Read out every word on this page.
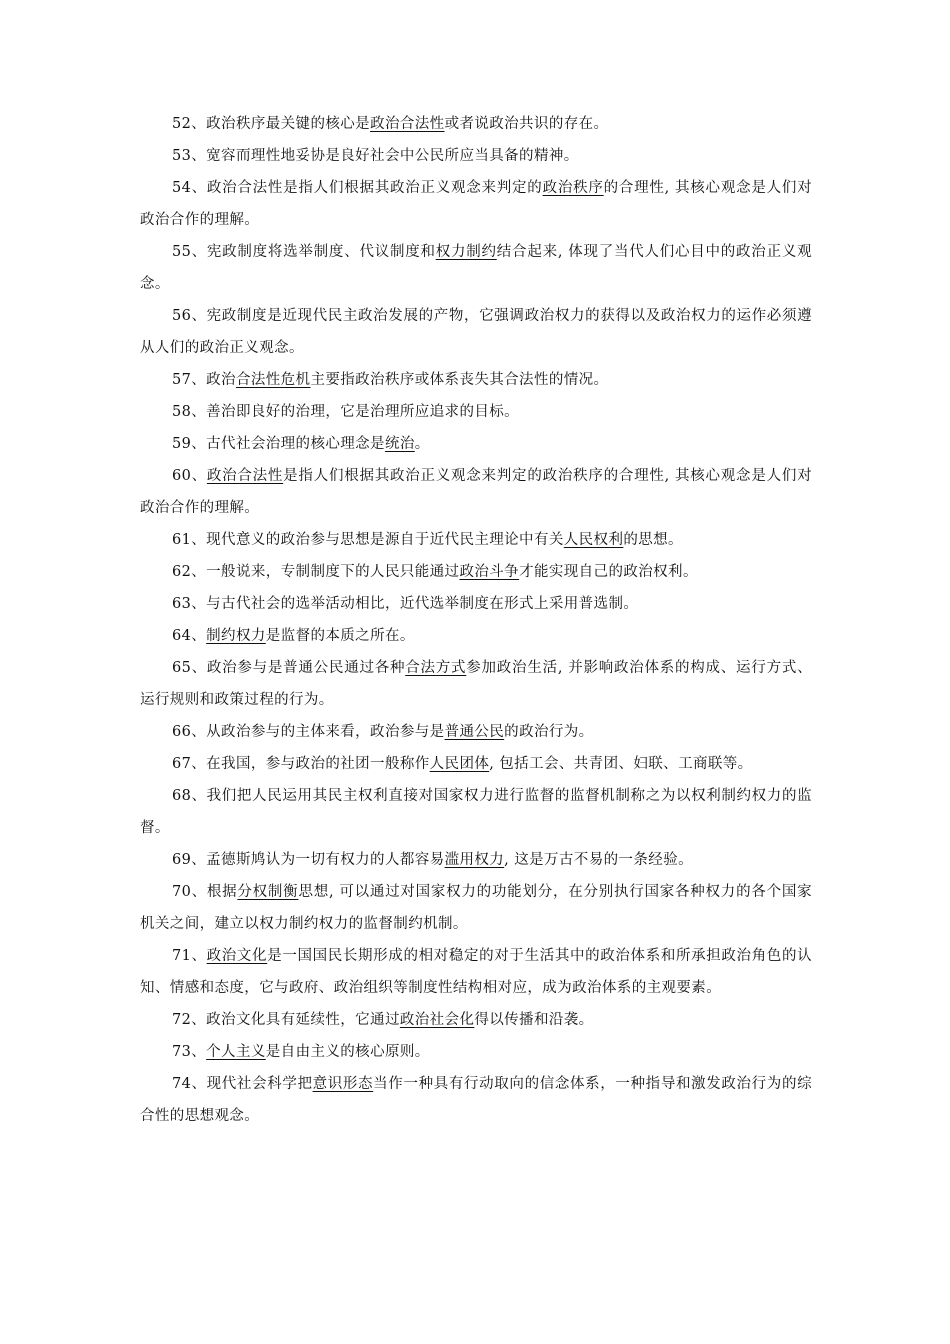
52、政治秩序最关键的核心是政治合法性或者说政治共识的存在。

53、宽容而理性地妥协是良好社会中公民所应当具备的精神。

54、政治合法性是指人们根据其政治正义观念来判定的政治秩序的合理性, 其核心观念是人们对政治合作的理解。

55、宪政制度将选举制度、代议制度和权力制约结合起来, 体现了当代人们心目中的政治正义观念。

56、宪政制度是近现代民主政治发展的产物，它强调政治权力的获得以及政治权力的运作必须遵从人们的政治正义观念。

57、政治合法性危机主要指政治秩序或体系丧失其合法性的情况。

58、善治即良好的治理，它是治理所应追求的目标。

59、古代社会治理的核心理念是统治。

60、政治合法性是指人们根据其政治正义观念来判定的政治秩序的合理性, 其核心观念是人们对政治合作的理解。

61、现代意义的政治参与思想是源自于近代民主理论中有关人民权利的思想。

62、一般说来，专制制度下的人民只能通过政治斗争才能实现自己的政治权利。

63、与古代社会的选举活动相比，近代选举制度在形式上采用普选制。

64、制约权力是监督的本质之所在。

65、政治参与是普通公民通过各种合法方式参加政治生活, 并影响政治体系的构成、运行方式、运行规则和政策过程的行为。

66、从政治参与的主体来看，政治参与是普通公民的政治行为。

67、在我国，参与政治的社团一般称作人民团体, 包括工会、共青团、妇联、工商联等。

68、我们把人民运用其民主权利直接对国家权力进行监督的监督机制称之为以权利制约权力的监督。

69、孟德斯鸠认为一切有权力的人都容易滥用权力, 这是万古不易的一条经验。

70、根据分权制衡思想, 可以通过对国家权力的功能划分，在分别执行国家各种权力的各个国家机关之间，建立以权力制约权力的监督制约机制。

71、政治文化是一国国民长期形成的相对稳定的对于生活其中的政治体系和所承担政治角色的认知、情感和态度，它与政府、政治组织等制度性结构相对应，成为政治体系的主观要素。

72、政治文化具有延续性，它通过政治社会化得以传播和沿袭。

73、个人主义是自由主义的核心原则。

74、现代社会科学把意识形态当作一种具有行动取向的信念体系，一种指导和激发政治行为的综合性的思想观念。
